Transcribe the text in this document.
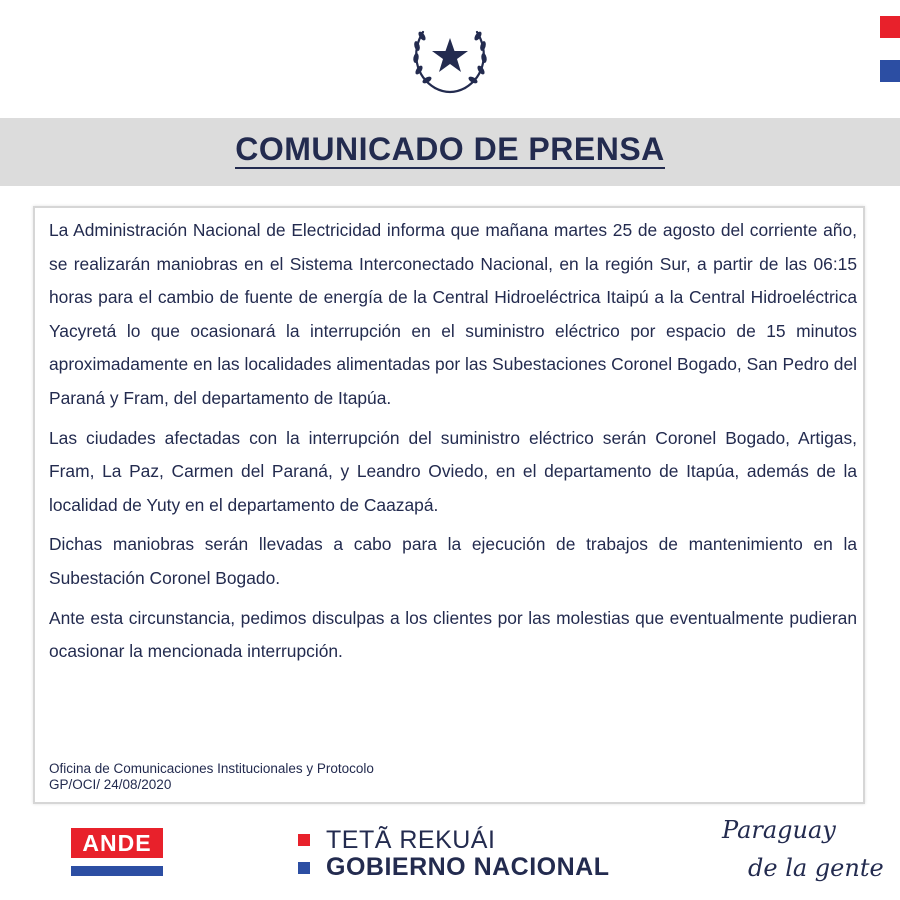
COMUNICADO DE PRENSA

La Administración Nacional de Electricidad informa que mañana martes 25 de agosto del corriente año, se realizarán maniobras en el Sistema Interconectado Nacional, en la región Sur, a partir de las 06:15 horas para el cambio de fuente de energía de la Central Hidroeléctrica Itaipú a la Central Hidroeléctrica Yacyretá lo que ocasionará la interrupción en el suministro eléctrico por espacio de 15 minutos aproximadamente en las localidades alimentadas por las Subestaciones Coronel Bogado, San Pedro del Paraná y Fram, del departamento de Itapúa.

Las ciudades afectadas con la interrupción del suministro eléctrico serán Coronel Bogado, Artigas, Fram, La Paz, Carmen del Paraná, y Leandro Oviedo, en el departamento de Itapúa, además de la localidad de Yuty en el departamento de Caazapá.

Dichas maniobras serán llevadas a cabo para la ejecución de trabajos de mantenimiento en la Subestación Coronel Bogado.

Ante esta circunstancia, pedimos disculpas a los clientes por las molestias que eventualmente pudieran ocasionar la mencionada interrupción.

Oficina de Comunicaciones Institucionales y Protocolo
GP/OCI/ 24/08/2020
ANDE	TETÃ REKUÁI
GOBIERNO NACIONAL
Paraguay
de la gente
